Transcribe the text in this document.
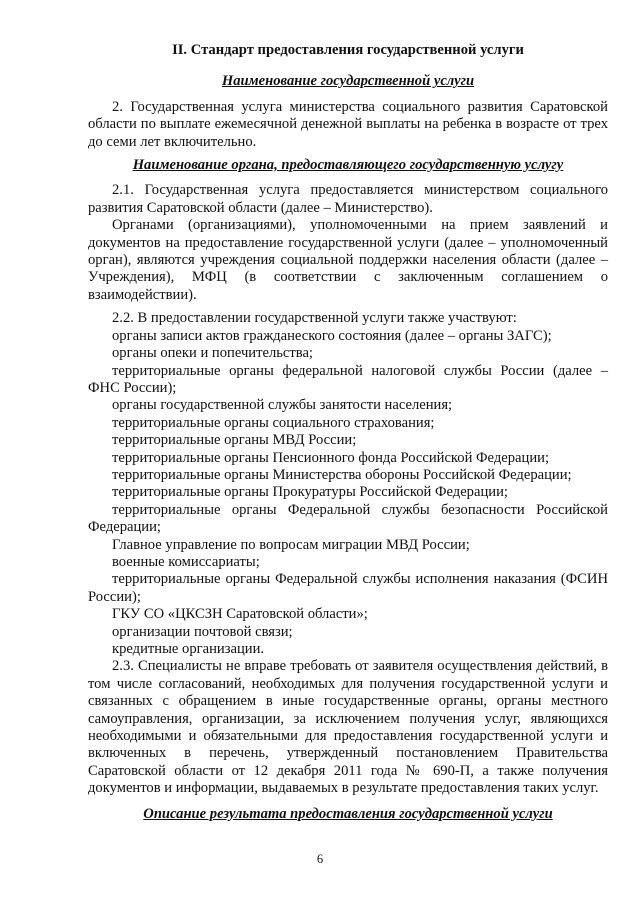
II. Стандарт предоставления государственной услуги
Наименование государственной услуги
2. Государственная услуга министерства социального развития Саратовской области по выплате ежемесячной денежной выплаты на ребенка в возрасте от трех до семи лет включительно.
Наименование органа, предоставляющего государственную услугу
2.1. Государственная услуга предоставляется министерством социального развития Саратовской области (далее – Министерство).
Органами (организациями), уполномоченными на прием заявлений и документов на предоставление государственной услуги (далее – уполномоченный орган), являются учреждения социальной поддержки населения области (далее – Учреждения), МФЦ (в соответствии с заключенным соглашением о взаимодействии).
2.2. В предоставлении государственной услуги также участвуют:
органы записи актов гражданеского состояния (далее – органы ЗАГС);
органы опеки и попечительства;
территориальные органы федеральной налоговой службы России (далее – ФНС России);
органы государственной службы занятости населения;
территориальные органы социального страхования;
территориальные органы МВД России;
территориальные органы Пенсионного фонда Российской Федерации;
территориальные органы Министерства обороны Российской Федерации;
территориальные органы Прокуратуры Российской Федерации;
территориальные органы Федеральной службы безопасности Российской Федерации;
Главное управление по вопросам миграции МВД России;
военные комиссариаты;
территориальные органы Федеральной службы исполнения наказания (ФСИН России);
ГКУ СО «ЦКСЗН Саратовской области»;
организации почтовой связи;
кредитные организации.
2.3. Специалисты не вправе требовать от заявителя осуществления действий, в том числе согласований, необходимых для получения государственной услуги и связанных с обращением в иные государственные органы, органы местного самоуправления, организации, за исключением получения услуг, являющихся необходимыми и обязательными для предоставления государственной услуги и включенных в перечень, утвержденный постановлением Правительства Саратовской области от 12 декабря 2011 года № 690-П, а также получения документов и информации, выдаваемых в результате предоставления таких услуг.
Описание результата предоставления государственной услуги
6
